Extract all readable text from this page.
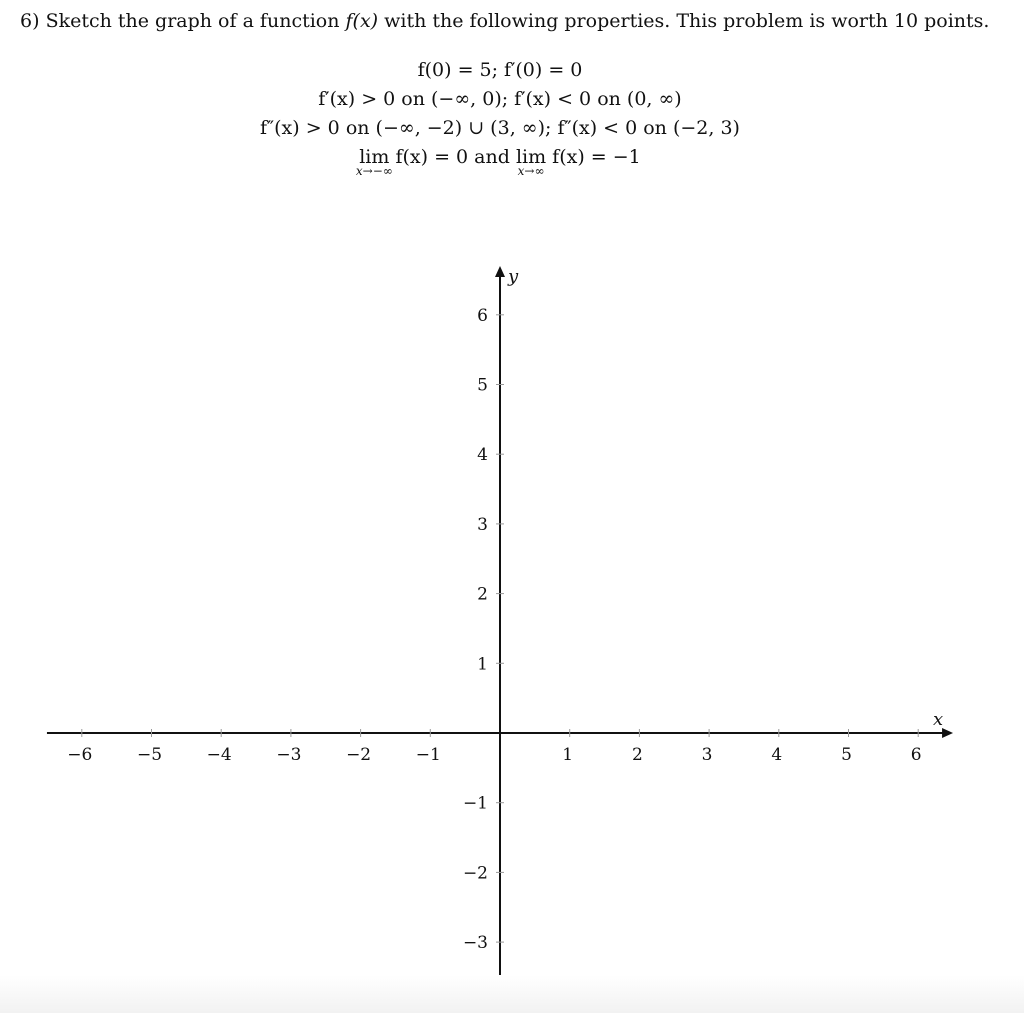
6) Sketch the graph of a function f(x) with the following properties. This problem is worth 10 points.
f(0) = 5; f′(0) = 0
f′(x) > 0 on (−∞, 0); f′(x) < 0 on (0, ∞)
f″(x) > 0 on (−∞, −2) ∪ (3, ∞); f″(x) < 0 on (−2, 3)
lim
x→−∞
f(x) = 0 and lim
x→∞
f(x) = −1
x
y
−6	−5	−4	−3	−2	−1	1	2	3	4	5	6
6
5
4
3
2
1
−1
−2
−3
